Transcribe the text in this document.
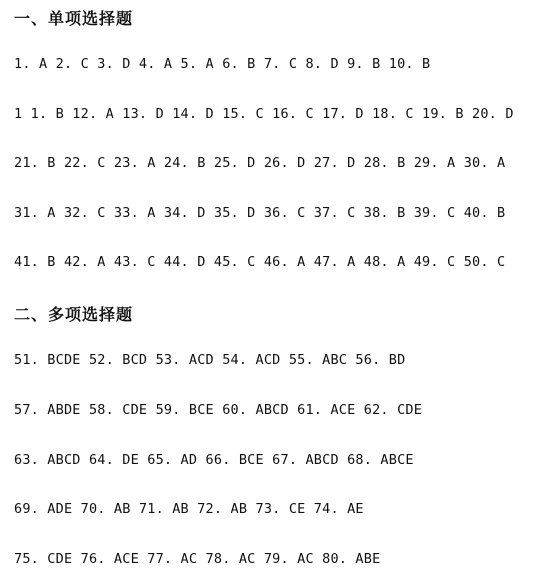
一、单项选择题
1. A 2. C 3. D 4. A 5. A 6. B 7. C 8. D 9. B 10. B
1 1. B 12. A 13. D 14. D 15. C 16. C 17. D 18. C 19. B 20. D
21. B 22. C 23. A 24. B 25. D 26. D 27. D 28. B 29. A 30. A
31. A 32. C 33. A 34. D 35. D 36. C 37. C 38. B 39. C 40. B
41. B 42. A 43. C 44. D 45. C 46. A 47. A 48. A 49. C 50. C
二、多项选择题
51. BCDE 52. BCD 53. ACD 54. ACD 55. ABC 56. BD
57. ABDE 58. CDE 59. BCE 60. ABCD 61. ACE 62. CDE
63. ABCD 64. DE 65. AD 66. BCE 67. ABCD 68. ABCE
69. ADE 70. AB 71. AB 72. AB 73. CE 74. AE
75. CDE 76. ACE 77. AC 78. AC 79. AC 80. ABE
